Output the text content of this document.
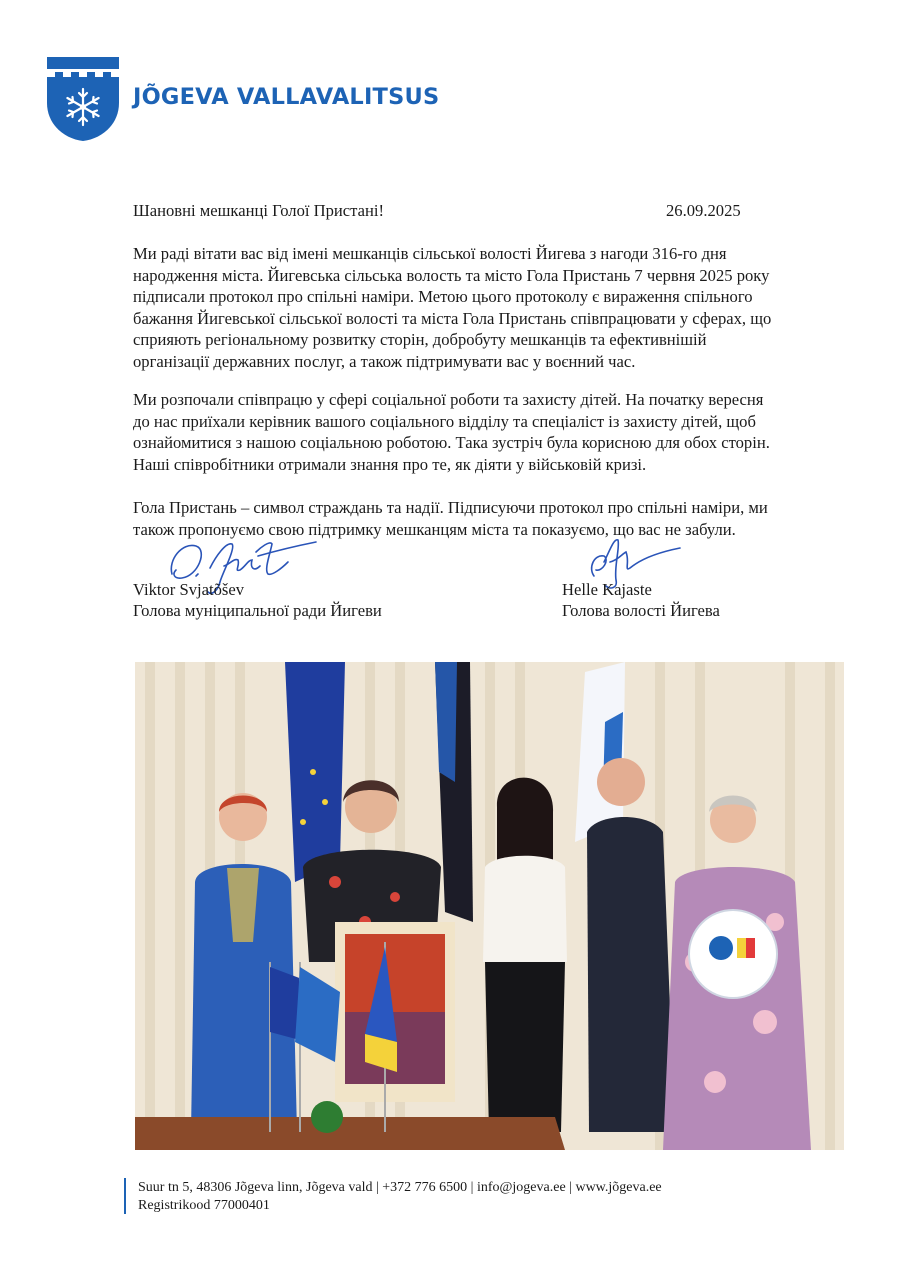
JÕGEVA VALLAVALITSUS
Шановні мешканці Голої Пристані!	26.09.2025
Ми раді вітати вас від імені мешканців сільської волості Йигева з нагоди 316-го дня
народження міста. Йигевська сільська волость та місто Гола Пристань 7 червня 2025 року
підписали протокол про спільні наміри. Метою цього протоколу є вираження спільного
бажання Йигевської сільської волості та міста Гола Пристань співпрацювати у сферах, що
сприяють регіональному розвитку сторін, добробуту мешканців та ефективнішій
організації державних послуг, а також підтримувати вас у воєнний час.
Ми розпочали співпрацю у сфері соціальної роботи та захисту дітей. На початку вересня
до нас приїхали керівник вашого соціального відділу та спеціаліст із захисту дітей, щоб
ознайомитися з нашою соціальною роботою. Така зустріч була корисною для обох сторін.
Наші співробітники отримали знання про те, як діяти у військовій кризі.
Гола Пристань – символ страждань та надії. Підписуючи протокол про спільні наміри, ми
також пропонуємо свою підтримку мешканцям міста та показуємо, що вас не забули.
Viktor Svjatõšev
Голова муніципальної ради Йигеви
Helle Kajaste
Голова волості Йигева
Suur tn 5, 48306 Jõgeva linn, Jõgeva vald | +372 776 6500 | info@jogeva.ee | www.jõgeva.ee
Registrikood 77000401
